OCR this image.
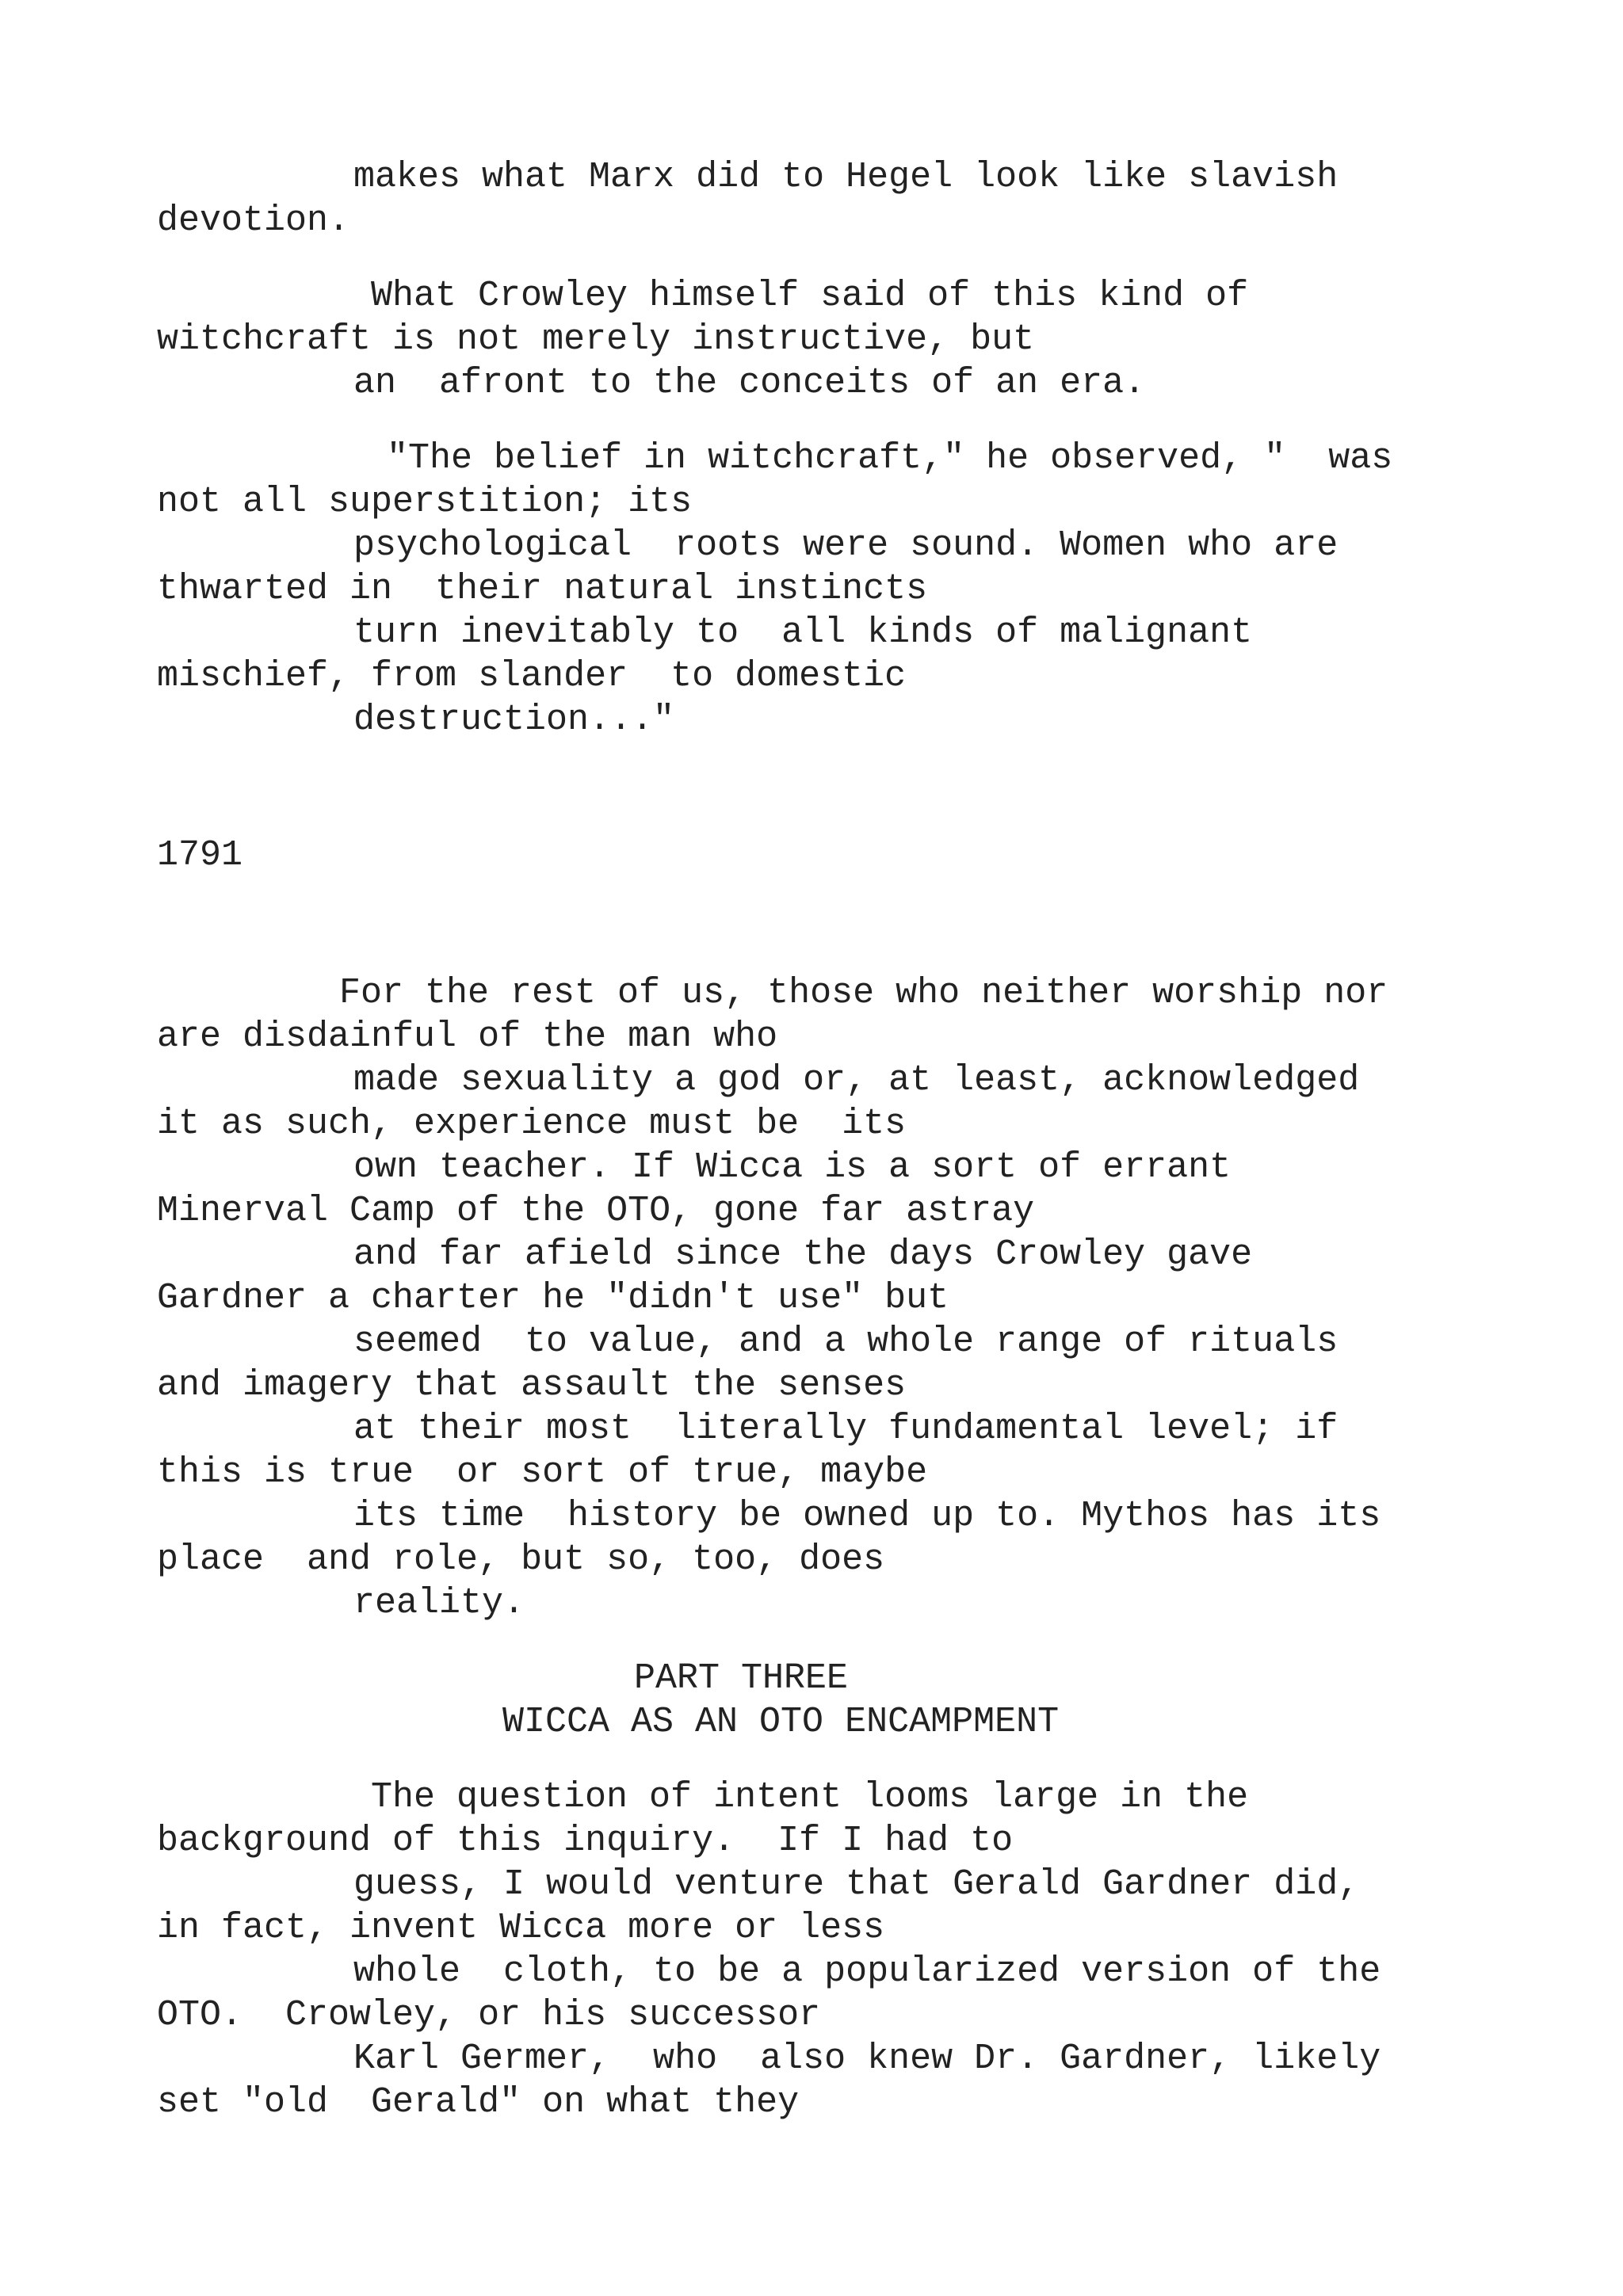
makes what Marx did to Hegel look like slavish

devotion.

What Crowley himself said of this kind of

witchcraft is not merely instructive, but

an  afront to the conceits of an era.

"The belief in witchcraft," he observed, "  was

not all superstition; its

psychological  roots were sound. Women who are

thwarted in  their natural instincts

turn inevitably to  all kinds of malignant

mischief, from slander  to domestic

destruction..."

1791

For the rest of us, those who neither worship nor

are disdainful of the man who

made sexuality a god or, at least, acknowledged

it as such, experience must be  its

own teacher. If Wicca is a sort of errant

Minerval Camp of the OTO, gone far astray

and far afield since the days Crowley gave

Gardner a charter he "didn't use" but

seemed  to value, and a whole range of rituals

and imagery that assault the senses

at their most  literally fundamental level; if

this is true  or sort of true, maybe

its time  history be owned up to. Mythos has its

place  and role, but so, too, does

reality.

PART THREE

WICCA AS AN OTO ENCAMPMENT

The question of intent looms large in the

background of this inquiry.  If I had to

guess, I would venture that Gerald Gardner did,

in fact, invent Wicca more or less

whole  cloth, to be a popularized version of the

OTO.  Crowley, or his successor

Karl Germer,  who  also knew Dr. Gardner, likely

set "old  Gerald" on what they
